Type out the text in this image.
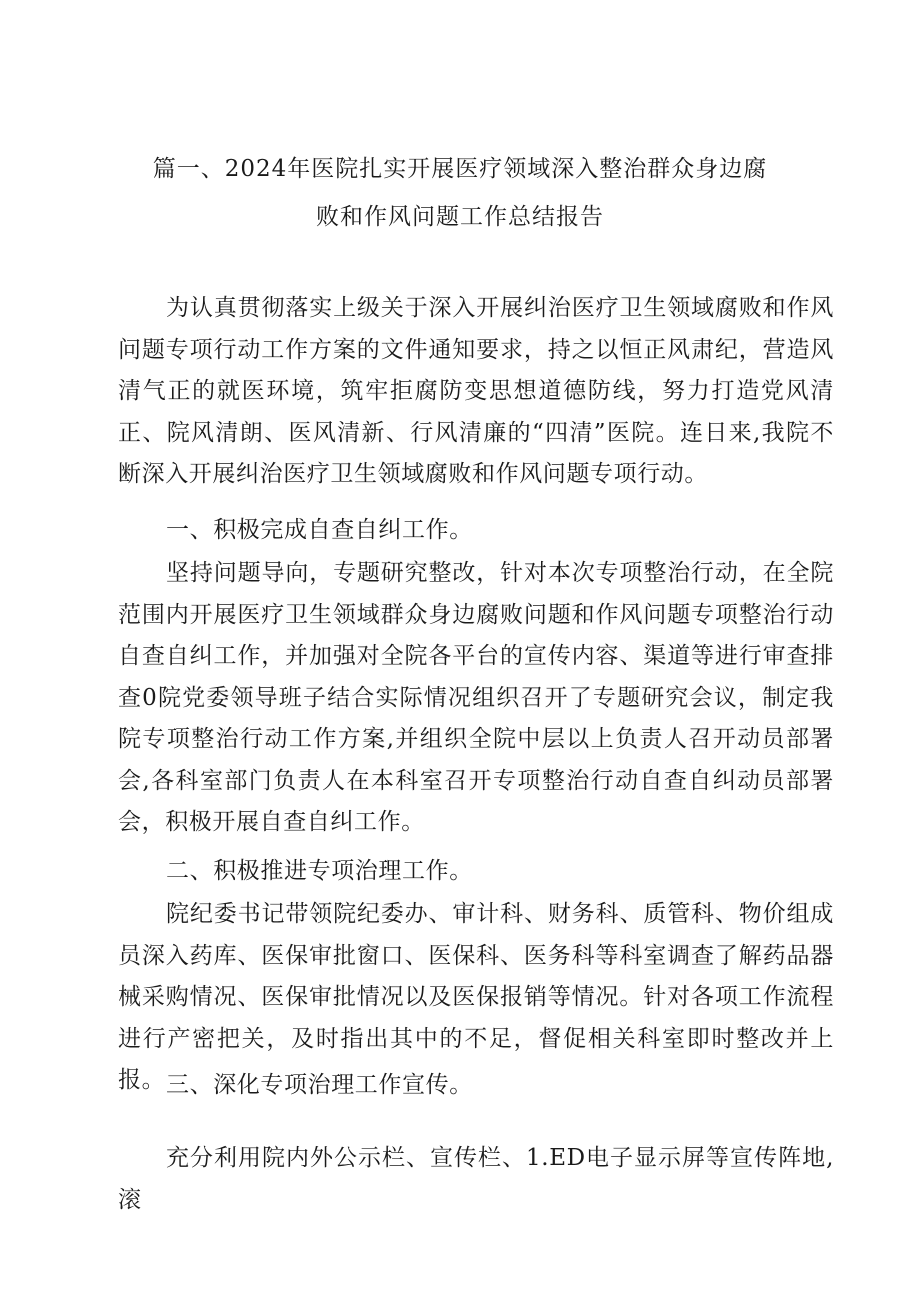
篇一、2024年医院扎实开展医疗领域深入整治群众身边腐
败和作风问题工作总结报告

为认真贯彻落实上级关于深入开展纠治医疗卫生领域腐败和作风问题专项行动工作方案的文件通知要求，持之以恒正风肃纪，营造风清气正的就医环境，筑牢拒腐防变思想道德防线，努力打造党风清正、院风清朗、医风清新、行风清廉的“四清”医院。连日来,我院不断深入开展纠治医疗卫生领域腐败和作风问题专项行动。

一、积极完成自查自纠工作。

坚持问题导向，专题研究整改，针对本次专项整治行动，在全院范围内开展医疗卫生领域群众身边腐败问题和作风问题专项整治行动自查自纠工作，并加强对全院各平台的宣传内容、渠道等进行审查排查0院党委领导班子结合实际情况组织召开了专题研究会议，制定我院专项整治行动工作方案,并组织全院中层以上负责人召开动员部署会,各科室部门负责人在本科室召开专项整治行动自查自纠动员部署会，积极开展自查自纠工作。

二、积极推进专项治理工作。

院纪委书记带领院纪委办、审计科、财务科、质管科、物价组成员深入药库、医保审批窗口、医保科、医务科等科室调查了解药品器械采购情况、医保审批情况以及医保报销等情况。针对各项工作流程进行产密把关，及时指出其中的不足，督促相关科室即时整改并上报。 三、深化专项治理工作宣传。

充分利用院内外公示栏、宣传栏、1.ED电子显示屏等宣传阵地,滚
